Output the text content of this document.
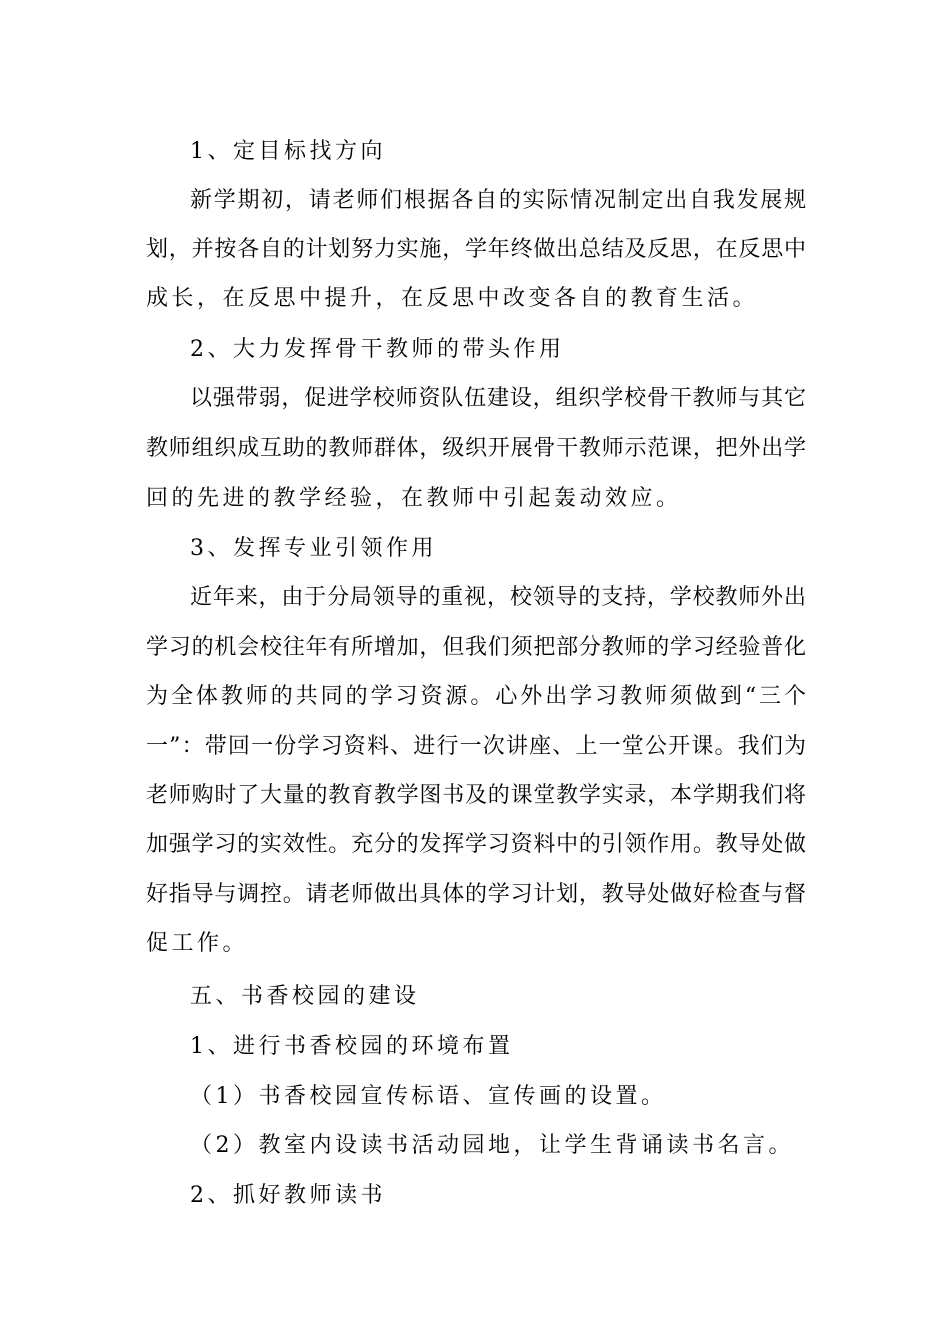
1、定目标找方向
新学期初，请老师们根据各自的实际情况制定出自我发展规
划，并按各自的计划努力实施，学年终做出总结及反思，在反思中
成长，在反思中提升，在反思中改变各自的教育生活。
2、大力发挥骨干教师的带头作用
以强带弱，促进学校师资队伍建设，组织学校骨干教师与其它
教师组织成互助的教师群体，级织开展骨干教师示范课，把外出学
回的先进的教学经验，在教师中引起轰动效应。
3、发挥专业引领作用
近年来，由于分局领导的重视，校领导的支持，学校教师外出
学习的机会校往年有所增加，但我们须把部分教师的学习经验普化
为全体教师的共同的学习资源。心外出学习教师须做到“三个
一”：带回一份学习资料、进行一次讲座、上一堂公开课。我们为
老师购时了大量的教育教学图书及的课堂教学实录，本学期我们将
加强学习的实效性。充分的发挥学习资料中的引领作用。教导处做
好指导与调控。请老师做出具体的学习计划，教导处做好检查与督
促工作。
五、书香校园的建设
1、进行书香校园的环境布置
（1）书香校园宣传标语、宣传画的设置。
（2）教室内设读书活动园地，让学生背诵读书名言。
2、抓好教师读书
